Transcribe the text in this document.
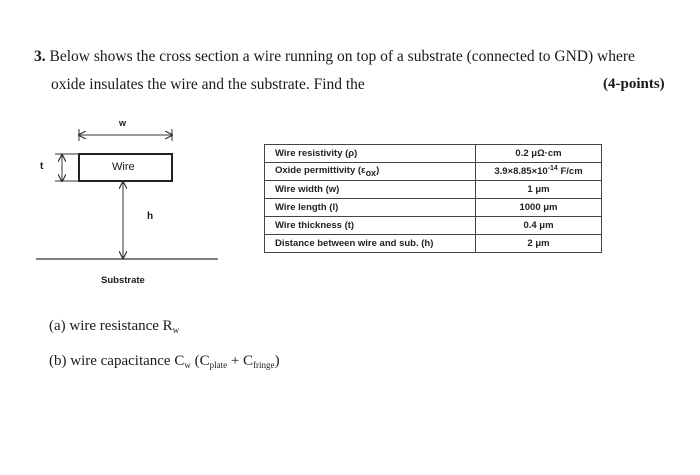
3. Below shows the cross section a wire running on top of a substrate (connected to GND) where
oxide insulates the wire and the substrate. Find the	(4-points)
w
t
h
Wire
Substrate
Wire resistivity (ρ)	0.2 μΩ·cm
Oxide permittivity $(\varepsilon_{ox})$	$3.9\times 8.85\times 10^{-14}$ F/cm
Wire width (w)	1 μm
Wire length (l)	1000 μm
Wire thickness (t)	0.4 μm
Distance between wire and sub. (h)	2 μm
(a) wire resistance $R_w$
(b) wire capacitance $C_w$ $(C_{plate} + C_{fringe})$
